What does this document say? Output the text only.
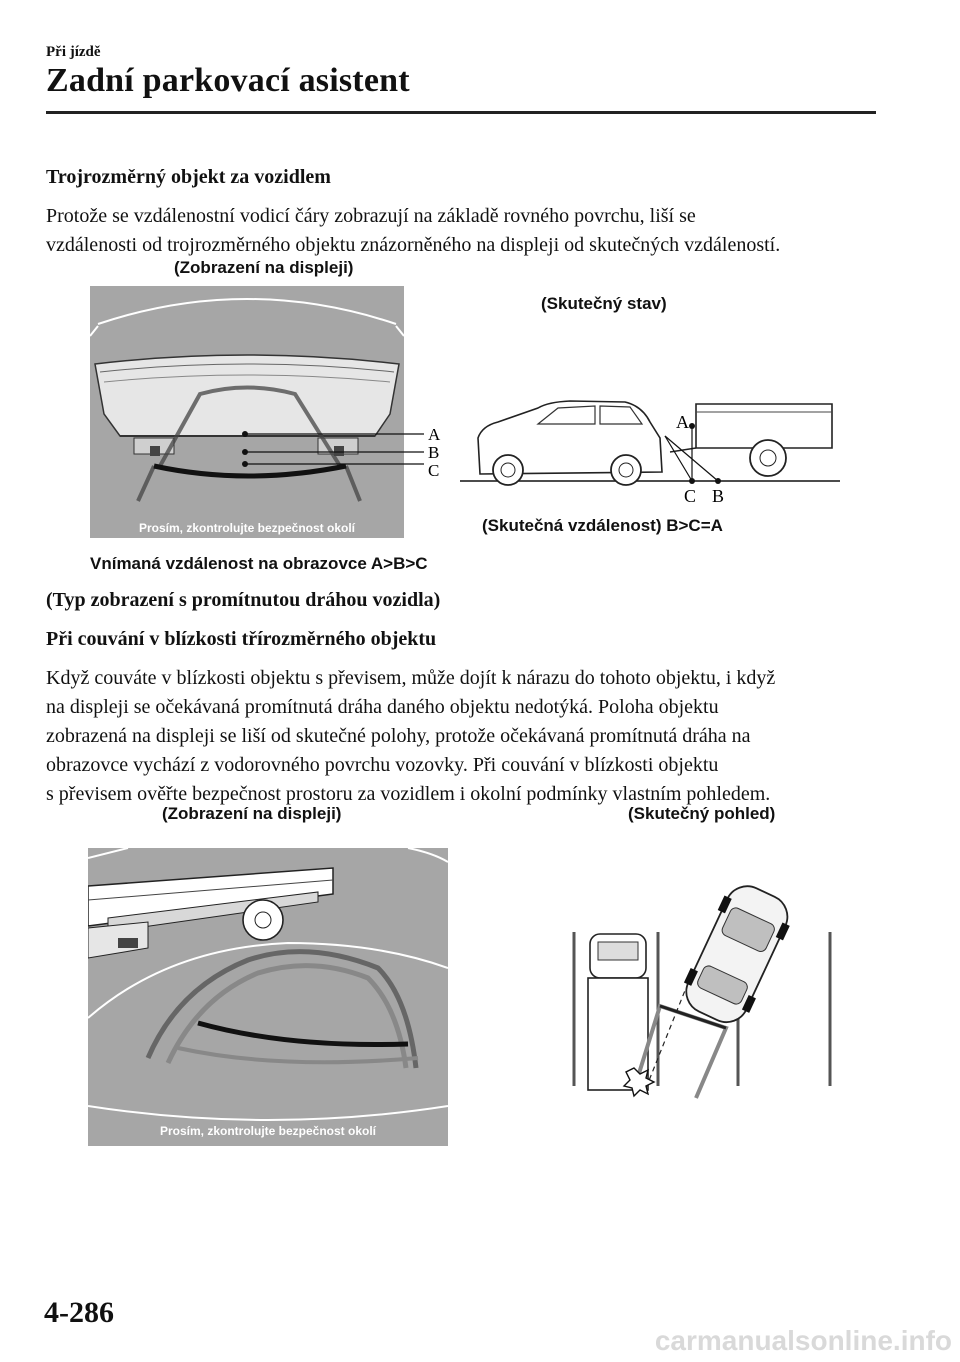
Při jízdě
Zadní parkovací asistent
Trojrozměrný objekt za vozidlem
Protože se vzdálenostní vodicí čáry zobrazují na základě rovného povrchu, liší se
vzdálenosti od trojrozměrného objektu znázorněného na displeji od skutečných vzdáleností.
(Zobrazení na displeji)
(Skutečný stav)
A
B
C
Prosím, zkontrolujte bezpečnost okolí
A
C B
(Skutečná vzdálenost) B>C=A
Vnímaná vzdálenost na obrazovce A>B>C
(Typ zobrazení s promítnutou dráhou vozidla)
Při couvání v blízkosti třírozměrného objektu
Když couváte v blízkosti objektu s převisem, může dojít k nárazu do tohoto objektu, i když
na displeji se očekávaná promítnutá dráha daného objektu nedotýká. Poloha objektu
zobrazená na displeji se liší od skutečné polohy, protože očekávaná promítnutá dráha na
obrazovce vychází z vodorovného povrchu vozovky. Při couvání v blízkosti objektu
s převisem ověřte bezpečnost prostoru za vozidlem i okolní podmínky vlastním pohledem.
(Zobrazení na displeji)	(Skutečný pohled)
Prosím, zkontrolujte bezpečnost okolí
4-286
carmanualsonline.info
